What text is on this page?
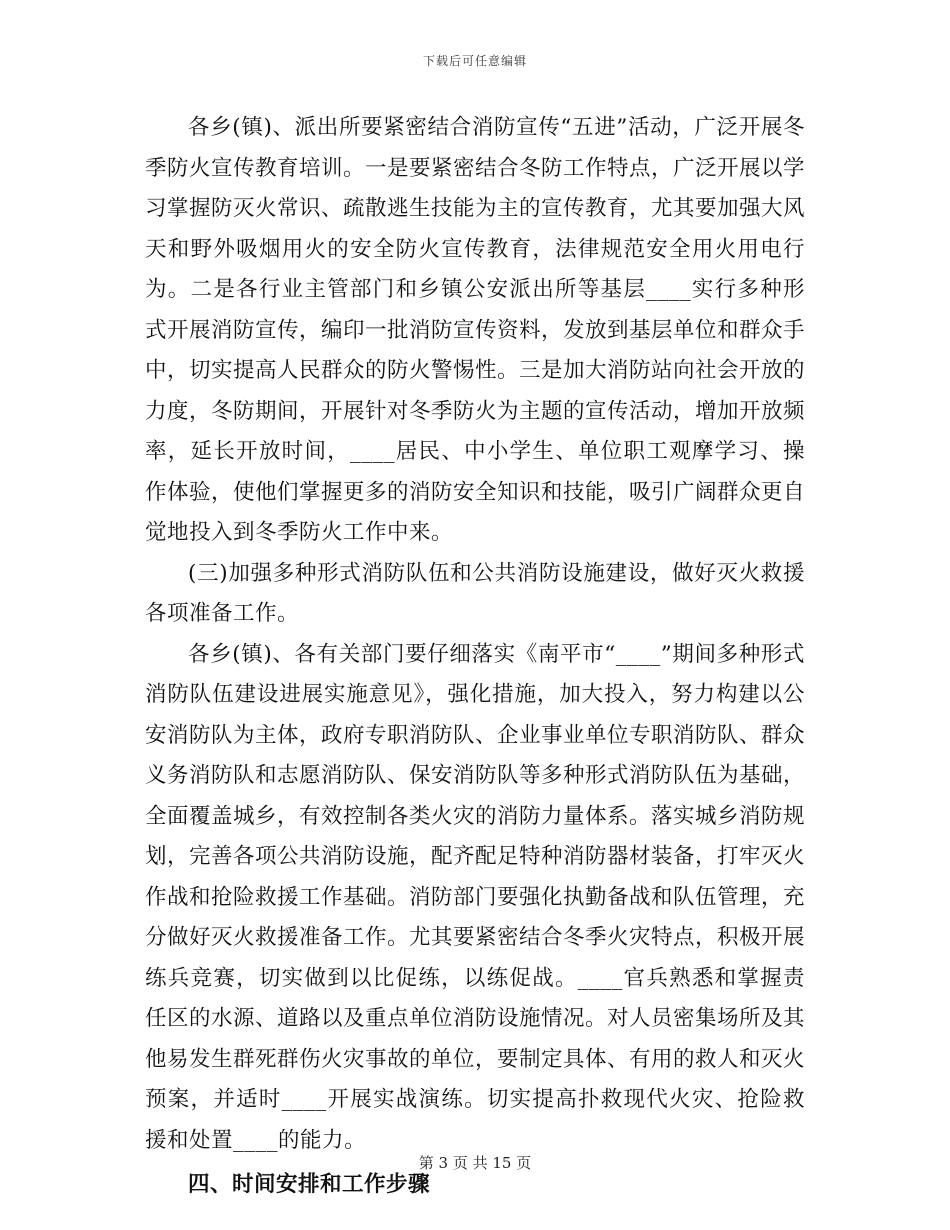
下载后可任意编辑

各乡(镇)、派出所要紧密结合消防宣传“五进”活动，广泛开展冬季防火宣传教育培训。一是要紧密结合冬防工作特点，广泛开展以学习掌握防灭火常识、疏散逃生技能为主的宣传教育，尤其要加强大风天和野外吸烟用火的安全防火宣传教育，法律规范安全用火用电行为。二是各行业主管部门和乡镇公安派出所等基层____实行多种形式开展消防宣传，编印一批消防宣传资料，发放到基层单位和群众手中，切实提高人民群众的防火警惕性。三是加大消防站向社会开放的力度，冬防期间，开展针对冬季防火为主题的宣传活动，增加开放频率，延长开放时间，____居民、中小学生、单位职工观摩学习、操作体验，使他们掌握更多的消防安全知识和技能，吸引广阔群众更自觉地投入到冬季防火工作中来。

(三)加强多种形式消防队伍和公共消防设施建设，做好灭火救援各项准备工作。

各乡(镇)、各有关部门要仔细落实《南平市“____”期间多种形式消防队伍建设进展实施意见》，强化措施，加大投入，努力构建以公安消防队为主体，政府专职消防队、企业事业单位专职消防队、群众义务消防队和志愿消防队、保安消防队等多种形式消防队伍为基础，全面覆盖城乡，有效控制各类火灾的消防力量体系。落实城乡消防规划，完善各项公共消防设施，配齐配足特种消防器材装备，打牢灭火作战和抢险救援工作基础。消防部门要强化执勤备战和队伍管理，充分做好灭火救援准备工作。尤其要紧密结合冬季火灾特点，积极开展练兵竞赛，切实做到以比促练，以练促战。____官兵熟悉和掌握责任区的水源、道路以及重点单位消防设施情况。对人员密集场所及其他易发生群死群伤火灾事故的单位，要制定具体、有用的救人和灭火预案，并适时____开展实战演练。切实提高扑救现代火灾、抢险救援和处置____的能力。

四、时间安排和工作步骤

第 3 页 共 15 页
